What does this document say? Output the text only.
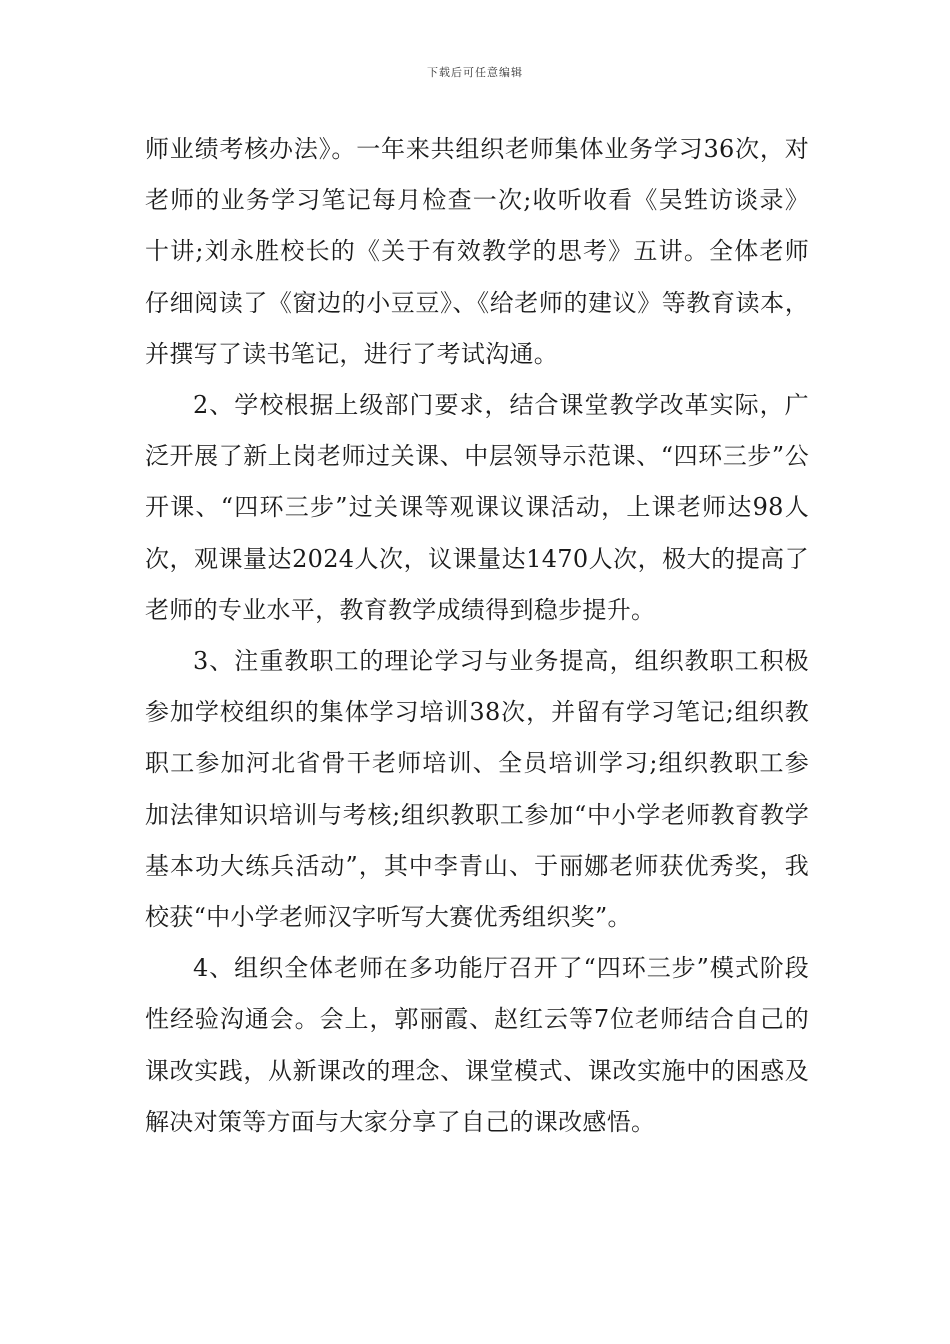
下载后可任意编辑

师业绩考核办法》。一年来共组织老师集体业务学习36次，对老师的业务学习笔记每月检查一次;收听收看《吴甡访谈录》十讲;刘永胜校长的《关于有效教学的思考》五讲。全体老师仔细阅读了《窗边的小豆豆》、《给老师的建议》等教育读本，并撰写了读书笔记，进行了考试沟通。

2、学校根据上级部门要求，结合课堂教学改革实际，广泛开展了新上岗老师过关课、中层领导示范课、“四环三步”公开课、“四环三步”过关课等观课议课活动，上课老师达98人次，观课量达2024人次，议课量达1470人次，极大的提高了老师的专业水平，教育教学成绩得到稳步提升。

3、注重教职工的理论学习与业务提高，组织教职工积极参加学校组织的集体学习培训38次，并留有学习笔记;组织教职工参加河北省骨干老师培训、全员培训学习;组织教职工参加法律知识培训与考核;组织教职工参加“中小学老师教育教学基本功大练兵活动”，其中李青山、于丽娜老师获优秀奖，我校获“中小学老师汉字听写大赛优秀组织奖”。

4、组织全体老师在多功能厅召开了“四环三步”模式阶段性经验沟通会。会上，郭丽霞、赵红云等7位老师结合自己的课改实践，从新课改的理念、课堂模式、课改实施中的困惑及解决对策等方面与大家分享了自己的课改感悟。
